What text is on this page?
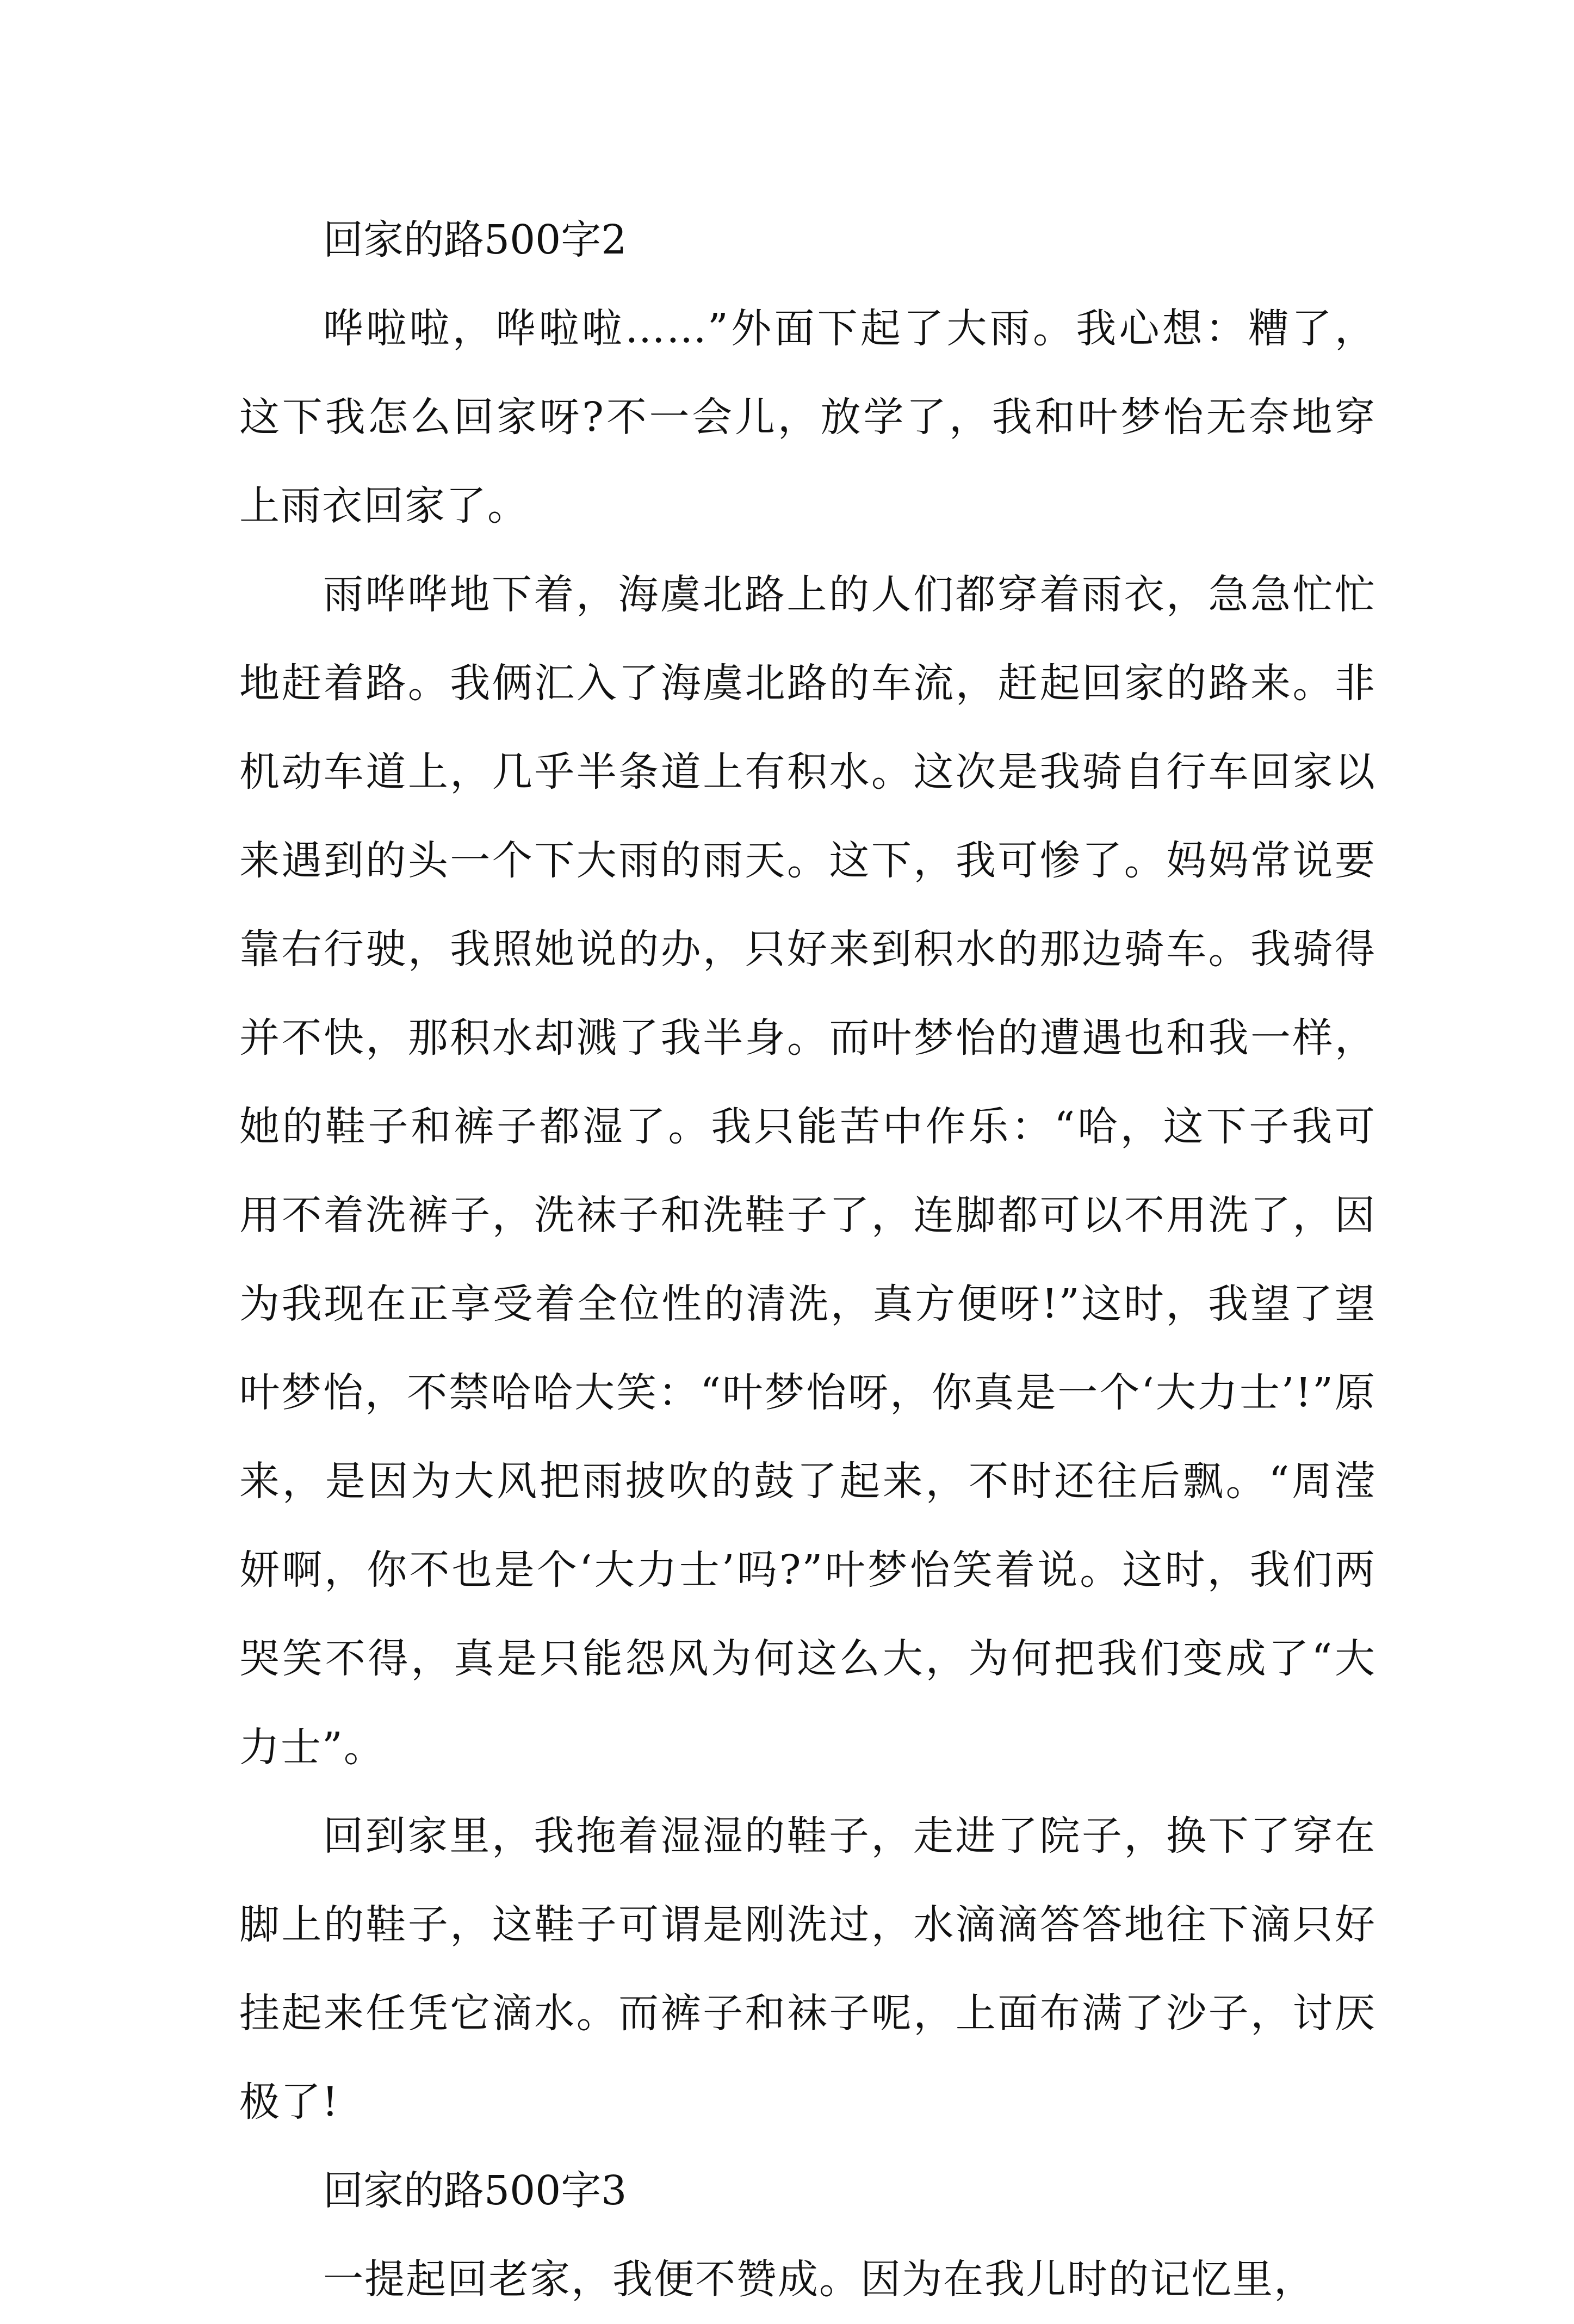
回家的路500字2

哗啦啦，哗啦啦……”外面下起了大雨。我心想：糟了，这下我怎么回家呀?不一会儿，放学了，我和叶梦怡无奈地穿上雨衣回家了。

雨哗哗地下着，海虞北路上的人们都穿着雨衣，急急忙忙地赶着路。我俩汇入了海虞北路的车流，赶起回家的路来。非机动车道上，几乎半条道上有积水。这次是我骑自行车回家以来遇到的头一个下大雨的雨天。这下，我可惨了。妈妈常说要靠右行驶，我照她说的办，只好来到积水的那边骑车。我骑得并不快，那积水却溅了我半身。而叶梦怡的遭遇也和我一样，她的鞋子和裤子都湿了。我只能苦中作乐：“哈，这下子我可用不着洗裤子，洗袜子和洗鞋子了，连脚都可以不用洗了，因为我现在正享受着全位性的清洗，真方便呀!”这时，我望了望叶梦怡，不禁哈哈大笑：“叶梦怡呀，你真是一个‘大力士’!”原来，是因为大风把雨披吹的鼓了起来，不时还往后飘。“周滢妍啊，你不也是个‘大力士’吗?”叶梦怡笑着说。这时，我们两哭笑不得，真是只能怨风为何这么大，为何把我们变成了“大力士”。

回到家里，我拖着湿湿的鞋子，走进了院子，换下了穿在脚上的鞋子，这鞋子可谓是刚洗过，水滴滴答答地往下滴只好挂起来任凭它滴水。而裤子和袜子呢，上面布满了沙子，讨厌极了!

回家的路500字3

一提起回老家，我便不赞成。因为在我儿时的记忆里，
